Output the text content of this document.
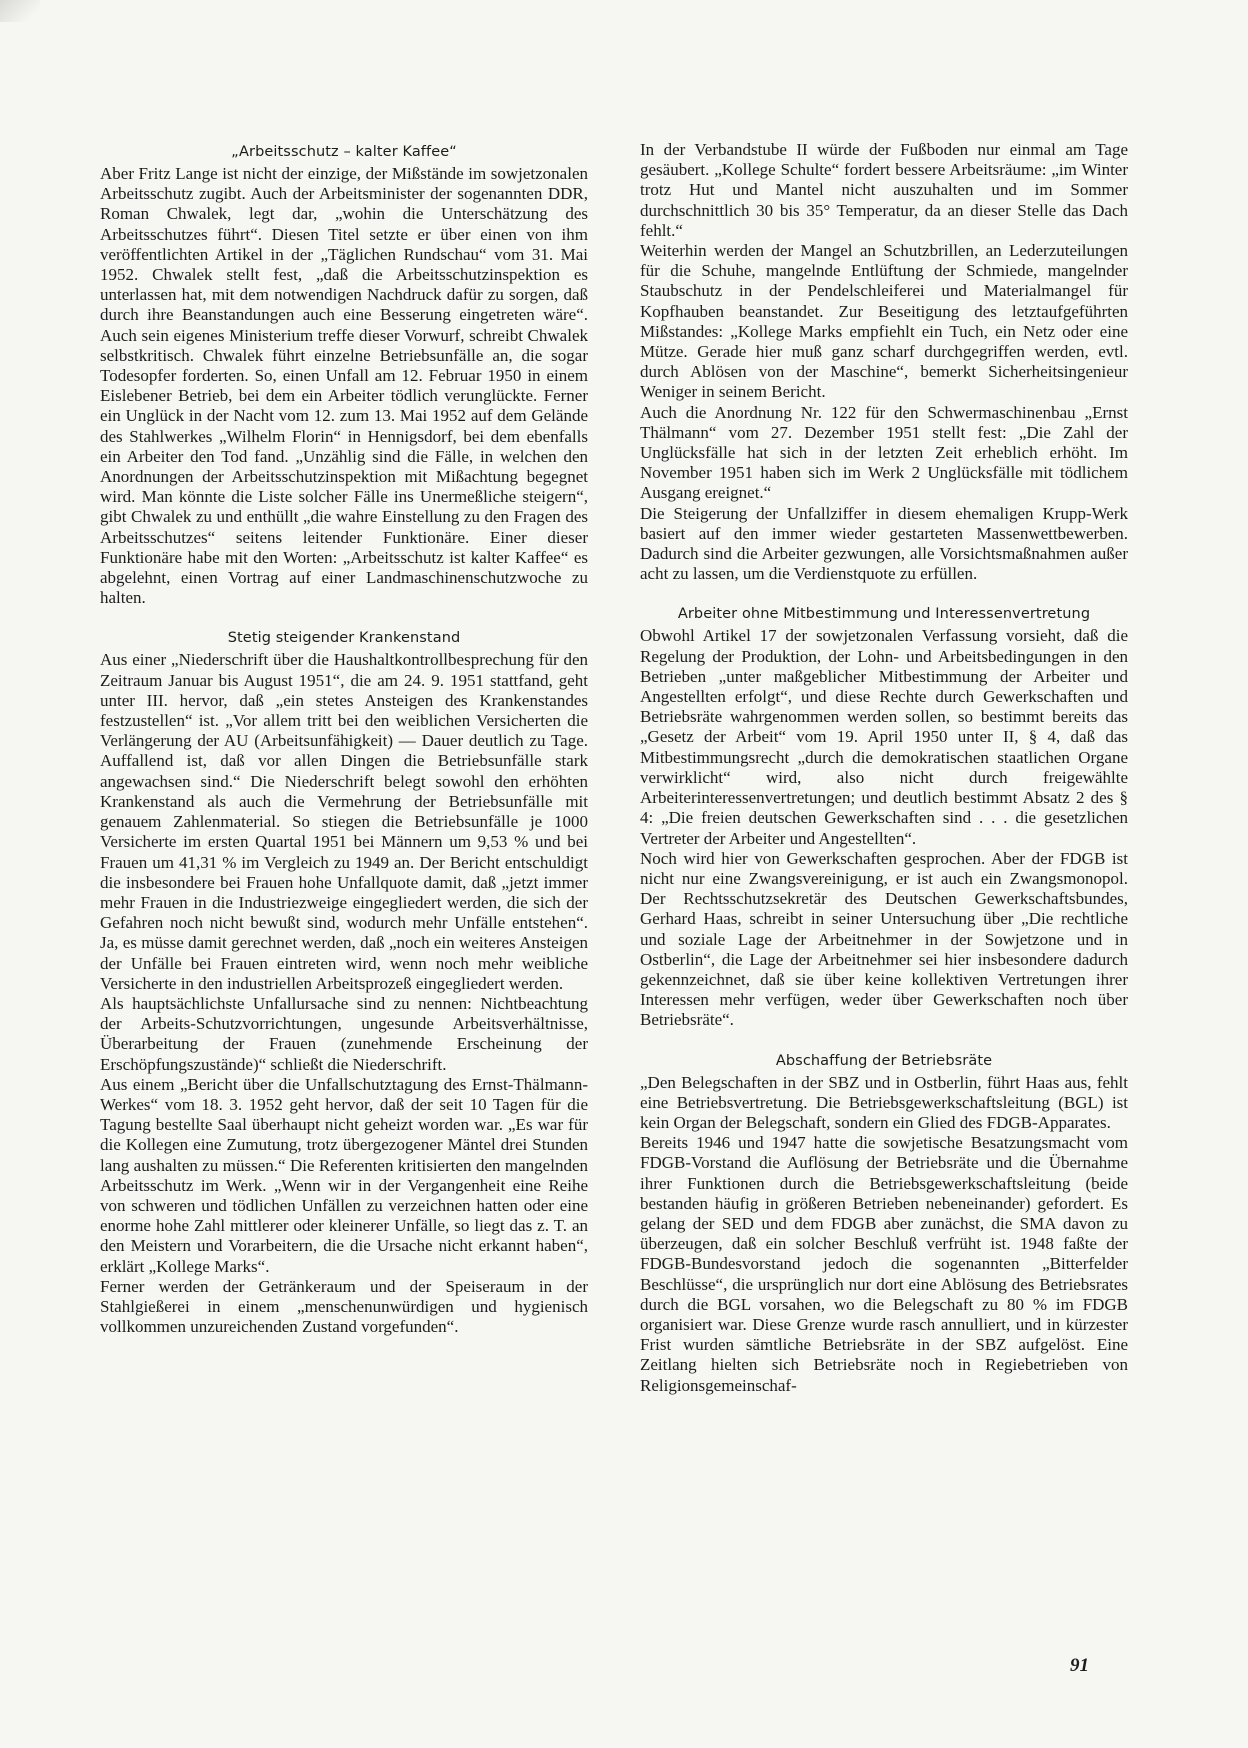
„Arbeitsschutz – kalter Kaffee“

Aber Fritz Lange ist nicht der einzige, der Mißstände im sowjetzonalen Arbeitsschutz zugibt. Auch der Arbeitsminister der sogenannten DDR, Roman Chwalek, legt dar, „wohin die Unterschätzung des Arbeitsschutzes führt“. Diesen Titel setzte er über einen von ihm veröffentlichten Artikel in der „Täglichen Rundschau“ vom 31. Mai 1952. Chwalek stellt fest, „daß die Arbeitsschutzinspektion es unterlassen hat, mit dem notwendigen Nachdruck dafür zu sorgen, daß durch ihre Beanstandungen auch eine Besserung eingetreten wäre“. Auch sein eigenes Ministerium treffe dieser Vorwurf, schreibt Chwalek selbstkritisch. Chwalek führt einzelne Betriebsunfälle an, die sogar Todesopfer forderten. So, einen Unfall am 12. Februar 1950 in einem Eislebener Betrieb, bei dem ein Arbeiter tödlich verunglückte. Ferner ein Unglück in der Nacht vom 12. zum 13. Mai 1952 auf dem Gelände des Stahlwerkes „Wilhelm Florin“ in Hennigsdorf, bei dem ebenfalls ein Arbeiter den Tod fand. „Unzählig sind die Fälle, in welchen den Anordnungen der Arbeitsschutzinspektion mit Mißachtung begegnet wird. Man könnte die Liste solcher Fälle ins Unermeßliche steigern“, gibt Chwalek zu und enthüllt „die wahre Einstellung zu den Fragen des Arbeitsschutzes“ seitens leitender Funktionäre. Einer dieser Funktionäre habe mit den Worten: „Arbeitsschutz ist kalter Kaffee“ es abgelehnt, einen Vortrag auf einer Landmaschinenschutzwoche zu halten.

Stetig steigender Krankenstand

Aus einer „Niederschrift über die Haushaltkontrollbesprechung für den Zeitraum Januar bis August 1951“, die am 24. 9. 1951 stattfand, geht unter III. hervor, daß „ein stetes Ansteigen des Krankenstandes festzustellen“ ist. „Vor allem tritt bei den weiblichen Versicherten die Verlängerung der AU (Arbeitsunfähigkeit) — Dauer deutlich zu Tage. Auffallend ist, daß vor allen Dingen die Betriebsunfälle stark angewachsen sind.“ Die Niederschrift belegt sowohl den erhöhten Krankenstand als auch die Vermehrung der Betriebsunfälle mit genauem Zahlenmaterial. So stiegen die Betriebsunfälle je 1000 Versicherte im ersten Quartal 1951 bei Männern um 9,53 % und bei Frauen um 41,31 % im Vergleich zu 1949 an. Der Bericht entschuldigt die insbesondere bei Frauen hohe Unfallquote damit, daß „jetzt immer mehr Frauen in die Industriezweige eingegliedert werden, die sich der Gefahren noch nicht bewußt sind, wodurch mehr Unfälle entstehen“. Ja, es müsse damit gerechnet werden, daß „noch ein weiteres Ansteigen der Unfälle bei Frauen eintreten wird, wenn noch mehr weibliche Versicherte in den industriellen Arbeitsprozeß eingegliedert werden.

Als hauptsächlichste Unfallursache sind zu nennen: Nichtbeachtung der Arbeits-Schutzvorrichtungen, ungesunde Arbeitsverhältnisse, Überarbeitung der Frauen (zunehmende Erscheinung der Erschöpfungszustände)“ schließt die Niederschrift.

Aus einem „Bericht über die Unfallschutztagung des Ernst-Thälmann-Werkes“ vom 18. 3. 1952 geht hervor, daß der seit 10 Tagen für die Tagung bestellte Saal überhaupt nicht geheizt worden war. „Es war für die Kollegen eine Zumutung, trotz übergezogener Mäntel drei Stunden lang aushalten zu müssen.“ Die Referenten kritisierten den mangelnden Arbeitsschutz im Werk. „Wenn wir in der Vergangenheit eine Reihe von schweren und tödlichen Unfällen zu verzeichnen hatten oder eine enorme hohe Zahl mittlerer oder kleinerer Unfälle, so liegt das z. T. an den Meistern und Vorarbeitern, die die Ursache nicht erkannt haben“, erklärt „Kollege Marks“.

Ferner werden der Getränkeraum und der Speiseraum in der Stahlgießerei in einem „menschenunwürdigen und hygienisch vollkommen unzureichenden Zustand vorgefunden“.

In der Verbandstube II würde der Fußboden nur einmal am Tage gesäubert. „Kollege Schulte“ fordert bessere Arbeitsräume: „im Winter trotz Hut und Mantel nicht auszuhalten und im Sommer durchschnittlich 30 bis 35° Temperatur, da an dieser Stelle das Dach fehlt.“

Weiterhin werden der Mangel an Schutzbrillen, an Lederzuteilungen für die Schuhe, mangelnde Entlüftung der Schmiede, mangelnder Staubschutz in der Pendelschleiferei und Materialmangel für Kopfhauben beanstandet. Zur Beseitigung des letztaufgeführten Mißstandes: „Kollege Marks empfiehlt ein Tuch, ein Netz oder eine Mütze. Gerade hier muß ganz scharf durchgegriffen werden, evtl. durch Ablösen von der Maschine“, bemerkt Sicherheitsingenieur Weniger in seinem Bericht.

Auch die Anordnung Nr. 122 für den Schwermaschinenbau „Ernst Thälmann“ vom 27. Dezember 1951 stellt fest: „Die Zahl der Unglücksfälle hat sich in der letzten Zeit erheblich erhöht. Im November 1951 haben sich im Werk 2 Unglücksfälle mit tödlichem Ausgang ereignet.“

Die Steigerung der Unfallziffer in diesem ehemaligen Krupp-Werk basiert auf den immer wieder gestarteten Massenwettbewerben. Dadurch sind die Arbeiter gezwungen, alle Vorsichtsmaßnahmen außer acht zu lassen, um die Verdienstquote zu erfüllen.

Arbeiter ohne Mitbestimmung und Interessenvertretung

Obwohl Artikel 17 der sowjetzonalen Verfassung vorsieht, daß die Regelung der Produktion, der Lohn- und Arbeitsbedingungen in den Betrieben „unter maßgeblicher Mitbestimmung der Arbeiter und Angestellten erfolgt“, und diese Rechte durch Gewerkschaften und Betriebsräte wahrgenommen werden sollen, so bestimmt bereits das „Gesetz der Arbeit“ vom 19. April 1950 unter II, § 4, daß das Mitbestimmungsrecht „durch die demokratischen staatlichen Organe verwirklicht“ wird, also nicht durch freigewählte Arbeiterinteressenvertretungen; und deutlich bestimmt Absatz 2 des § 4: „Die freien deutschen Gewerkschaften sind . . . die gesetzlichen Vertreter der Arbeiter und Angestellten“.

Noch wird hier von Gewerkschaften gesprochen. Aber der FDGB ist nicht nur eine Zwangsvereinigung, er ist auch ein Zwangsmonopol. Der Rechtsschutzsekretär des Deutschen Gewerkschaftsbundes, Gerhard Haas, schreibt in seiner Untersuchung über „Die rechtliche und soziale Lage der Arbeitnehmer in der Sowjetzone und in Ostberlin“, die Lage der Arbeitnehmer sei hier insbesondere dadurch gekennzeichnet, daß sie über keine kollektiven Vertretungen ihrer Interessen mehr verfügen, weder über Gewerkschaften noch über Betriebsräte“.

Abschaffung der Betriebsräte

„Den Belegschaften in der SBZ und in Ostberlin, führt Haas aus, fehlt eine Betriebsvertretung. Die Betriebsgewerkschaftsleitung (BGL) ist kein Organ der Belegschaft, sondern ein Glied des FDGB-Apparates.

Bereits 1946 und 1947 hatte die sowjetische Besatzungsmacht vom FDGB-Vorstand die Auflösung der Betriebsräte und die Übernahme ihrer Funktionen durch die Betriebsgewerkschaftsleitung (beide bestanden häufig in größeren Betrieben nebeneinander) gefordert. Es gelang der SED und dem FDGB aber zunächst, die SMA davon zu überzeugen, daß ein solcher Beschluß verfrüht ist. 1948 faßte der FDGB-Bundesvorstand jedoch die sogenannten „Bitterfelder Beschlüsse“, die ursprünglich nur dort eine Ablösung des Betriebsrates durch die BGL vorsahen, wo die Belegschaft zu 80 % im FDGB organisiert war. Diese Grenze wurde rasch annulliert, und in kürzester Frist wurden sämtliche Betriebsräte in der SBZ aufgelöst. Eine Zeitlang hielten sich Betriebsräte noch in Regiebetrieben von Religionsgemeinschaf-

91
